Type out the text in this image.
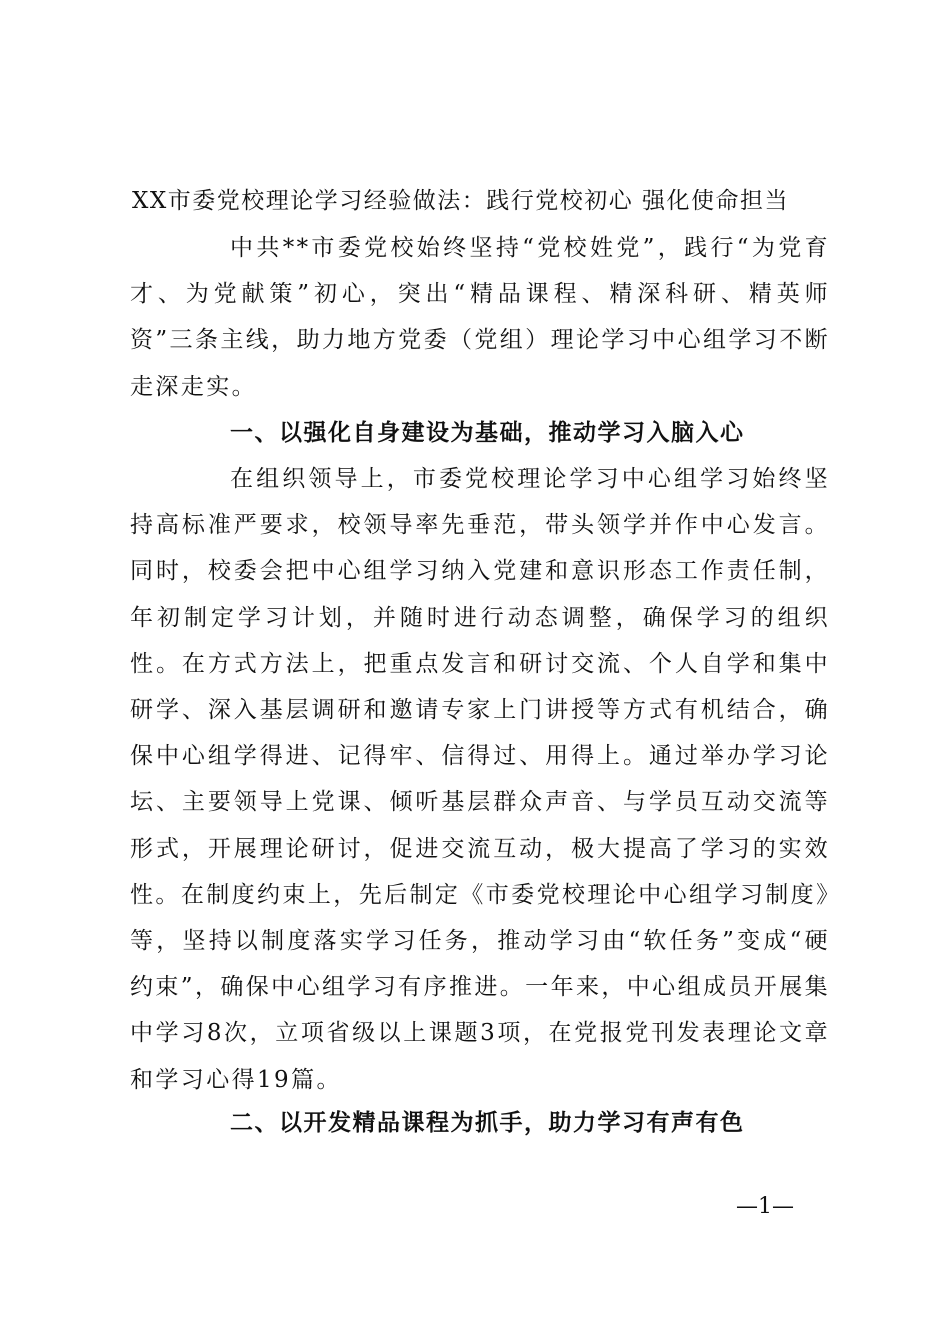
XX市委党校理论学习经验做法：践行党校初心 强化使命担当

中共**市委党校始终坚持“党校姓党”，践行“为党育才、为党献策”初心，突出“精品课程、精深科研、精英师资”三条主线，助力地方党委（党组）理论学习中心组学习不断走深走实。

一、以强化自身建设为基础，推动学习入脑入心

在组织领导上，市委党校理论学习中心组学习始终坚持高标准严要求，校领导率先垂范，带头领学并作中心发言。同时，校委会把中心组学习纳入党建和意识形态工作责任制，年初制定学习计划，并随时进行动态调整，确保学习的组织性。在方式方法上，把重点发言和研讨交流、个人自学和集中研学、深入基层调研和邀请专家上门讲授等方式有机结合，确保中心组学得进、记得牢、信得过、用得上。通过举办学习论坛、主要领导上党课、倾听基层群众声音、与学员互动交流等形式，开展理论研讨，促进交流互动，极大提高了学习的实效性。在制度约束上，先后制定《市委党校理论中心组学习制度》等，坚持以制度落实学习任务，推动学习由“软任务”变成“硬约束”，确保中心组学习有序推进。一年来，中心组成员开展集中学习8次，立项省级以上课题3项，在党报党刊发表理论文章和学习心得19篇。

二、以开发精品课程为抓手，助力学习有声有色
—1—
